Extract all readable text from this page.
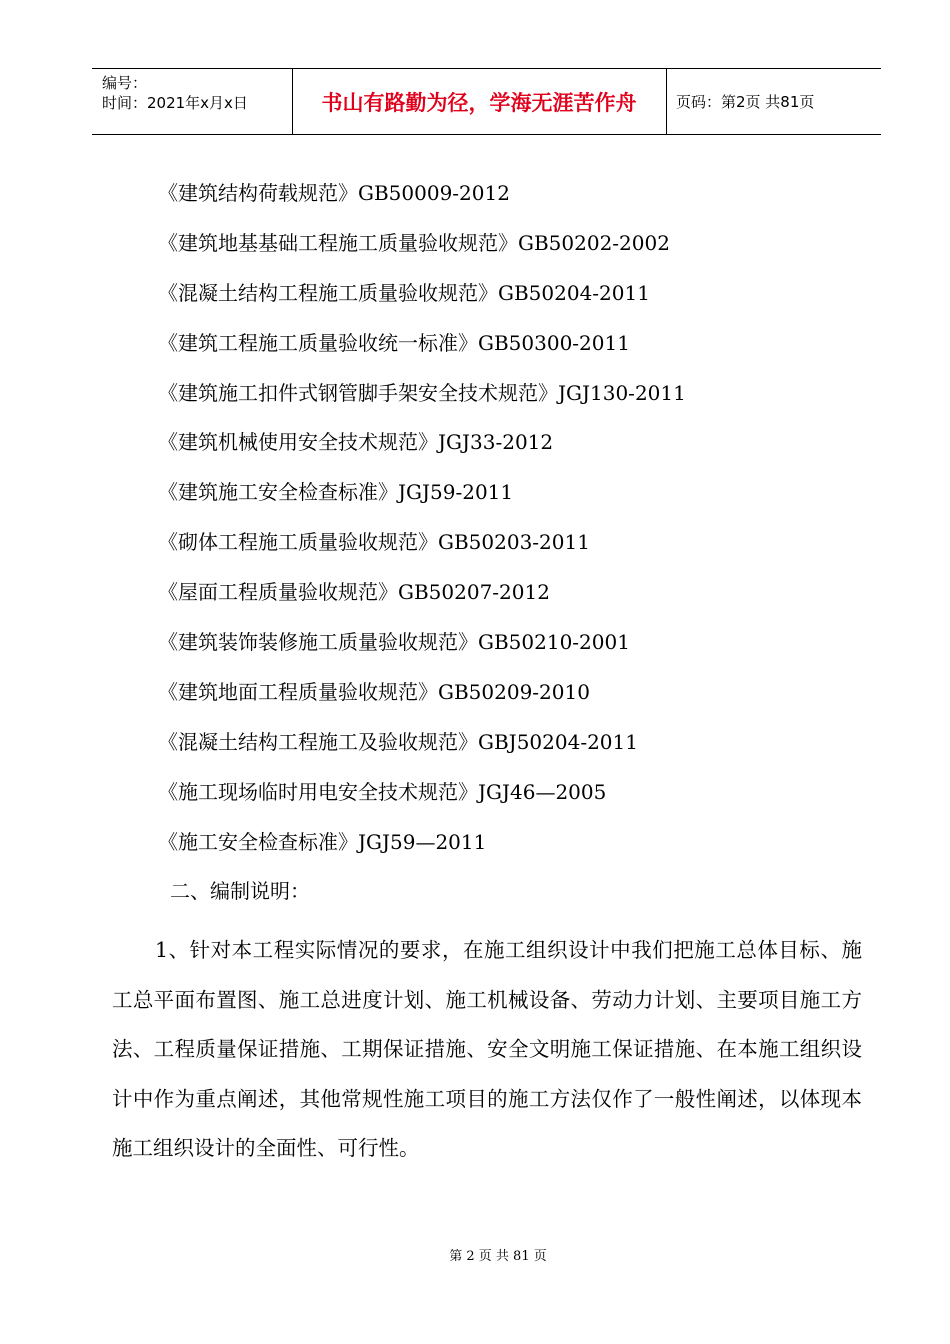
编号：
时间：2021年x月x日	书山有路勤为径，学海无涯苦作舟	页码：第2页 共81页
《建筑结构荷载规范》GB50009-2012
《建筑地基基础工程施工质量验收规范》GB50202-2002
《混凝土结构工程施工质量验收规范》GB50204-2011
《建筑工程施工质量验收统一标准》GB50300-2011
《建筑施工扣件式钢管脚手架安全技术规范》JGJ130-2011
《建筑机械使用安全技术规范》JGJ33-2012
《建筑施工安全检查标准》JGJ59-2011
《砌体工程施工质量验收规范》GB50203-2011
《屋面工程质量验收规范》GB50207-2012
《建筑装饰装修施工质量验收规范》GB50210-2001
《建筑地面工程质量验收规范》GB50209-2010
《混凝土结构工程施工及验收规范》GBJ50204-2011
《施工现场临时用电安全技术规范》JGJ46—2005
《施工安全检查标准》JGJ59—2011
二、编制说明：

1、针对本工程实际情况的要求，在施工组织设计中我们把施工总体目标、施工总平面布置图、施工总进度计划、施工机械设备、劳动力计划、主要项目施工方法、工程质量保证措施、工期保证措施、安全文明施工保证措施、在本施工组织设计中作为重点阐述，其他常规性施工项目的施工方法仅作了一般性阐述，以体现本施工组织设计的全面性、可行性。

第 2 页 共 81 页
